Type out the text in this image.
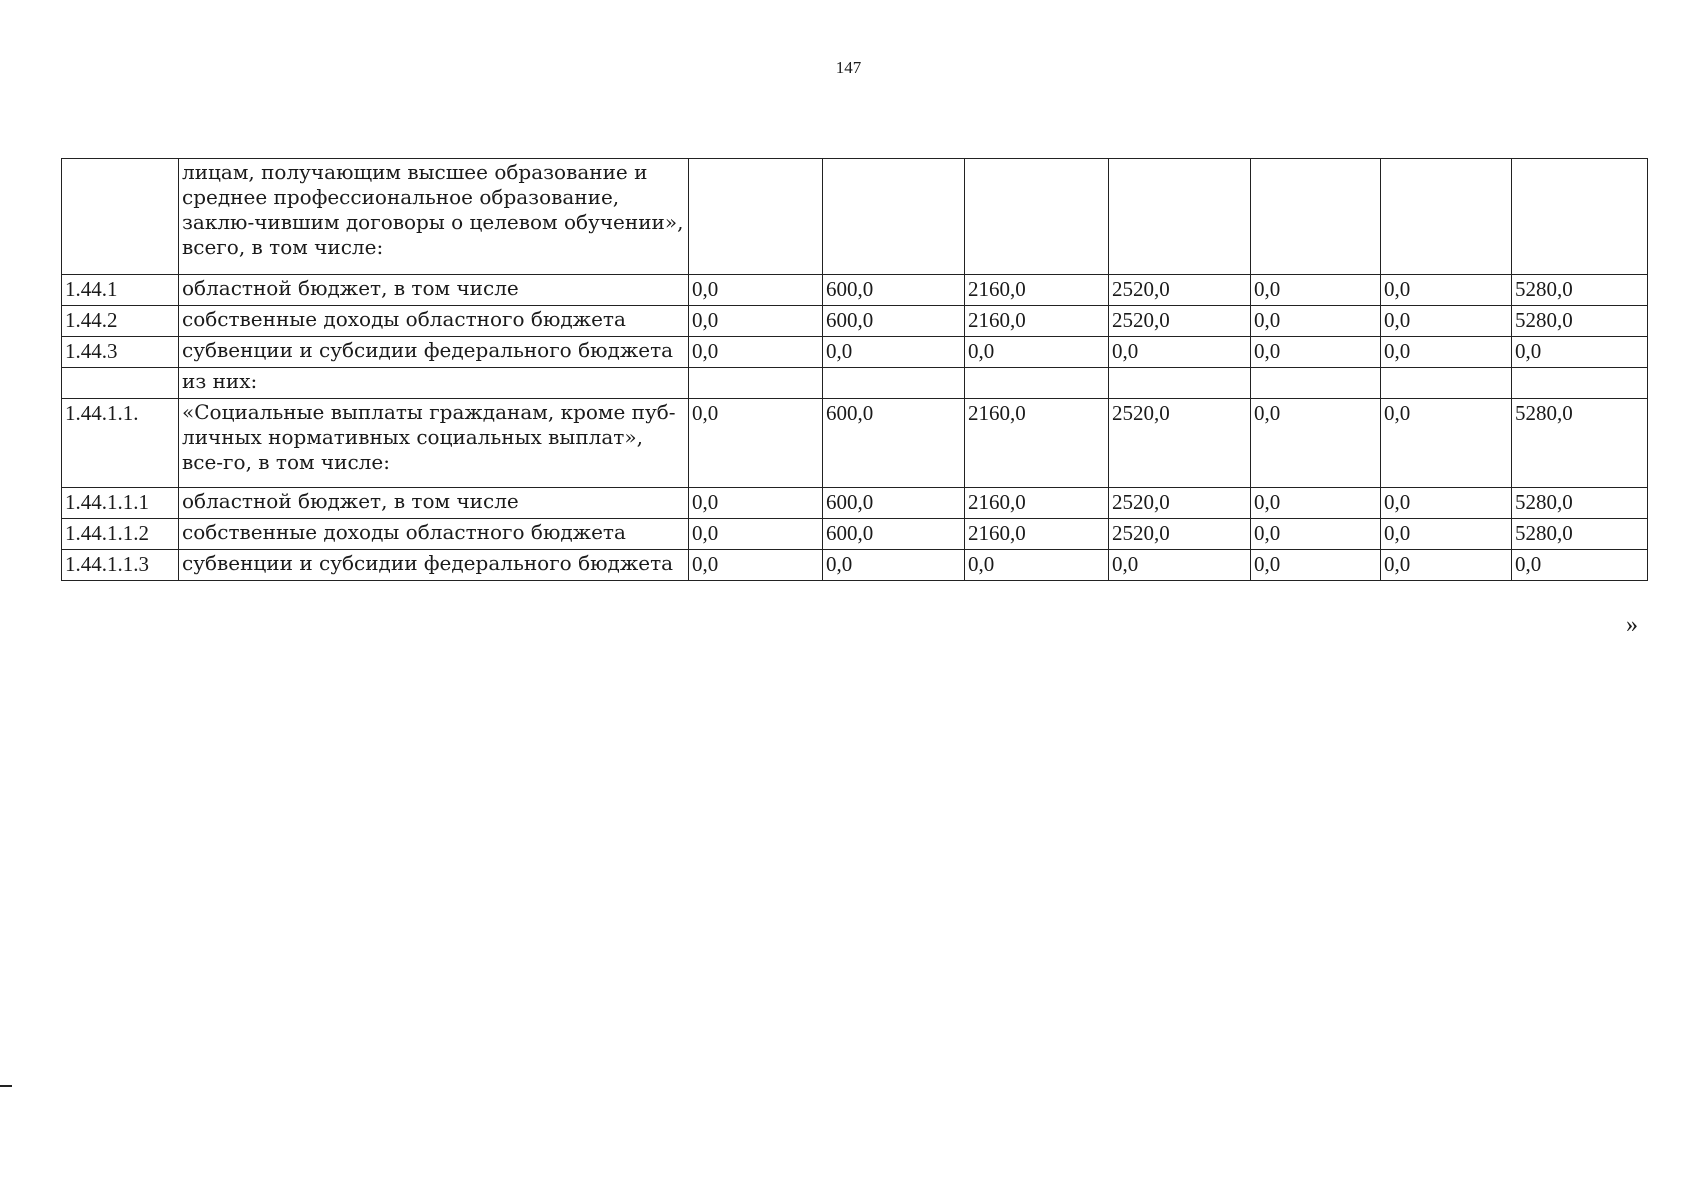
147
	лицам, получающим высшее образование и среднее профессиональное образование, заклю-чившим договоры о целевом обучении», всего, в том числе:							
1.44.1	областной бюджет, в том числе	0,0	600,0	2160,0	2520,0	0,0	0,0	5280,0
1.44.2	собственные доходы областного бюджета	0,0	600,0	2160,0	2520,0	0,0	0,0	5280,0
1.44.3	субвенции и субсидии федерального бюджета	0,0	0,0	0,0	0,0	0,0	0,0	0,0
	из них:							
1.44.1.1.	«Социальные выплаты гражданам, кроме пуб-личных нормативных социальных выплат», все-го, в том числе:	0,0	600,0	2160,0	2520,0	0,0	0,0	5280,0
1.44.1.1.1	областной бюджет, в том числе	0,0	600,0	2160,0	2520,0	0,0	0,0	5280,0
1.44.1.1.2	собственные доходы областного бюджета	0,0	600,0	2160,0	2520,0	0,0	0,0	5280,0
1.44.1.1.3	субвенции и субсидии федерального бюджета	0,0	0,0	0,0	0,0	0,0	0,0	0,0
»
